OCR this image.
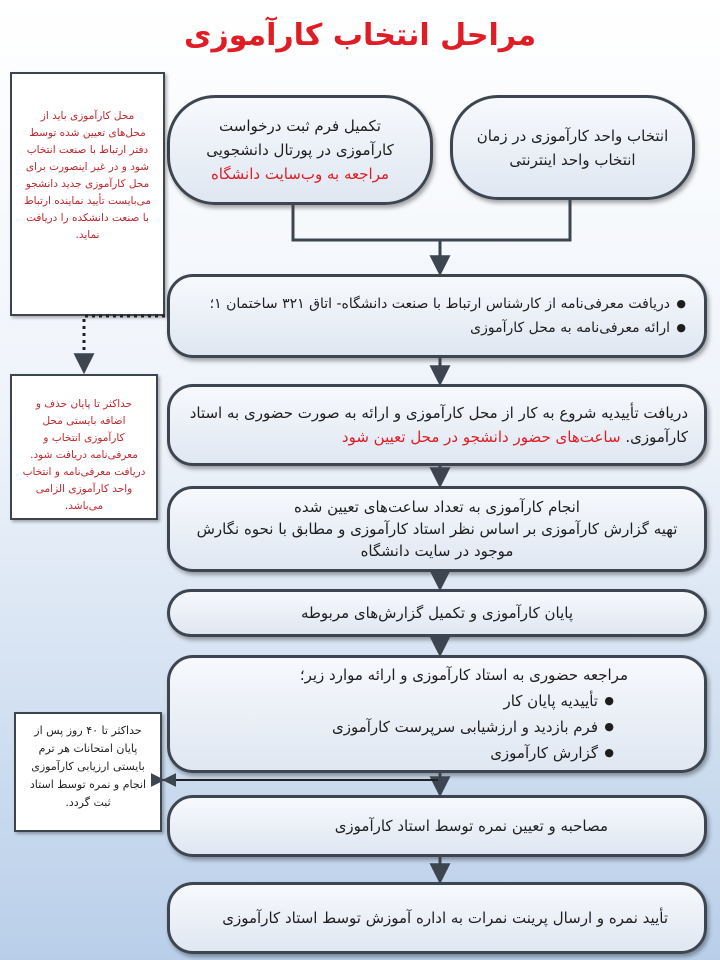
مراحل انتخاب کارآموزی
انتخاب واحد کارآموزی در زمان انتخاب واحد اینترنتی
تکمیل فرم ثبت درخواست
کارآموزی در پورتال دانشجویی
مراجعه به وب‌سایت دانشگاه
● دریافت معرفی‌نامه از کارشناس ارتباط با صنعت دانشگاه- اتاق ۳۲۱ ساختمان ۱؛
● ارائه معرفی‌نامه به محل کارآموزی
دریافت تأییدیه شروع به کار از محل کارآموزی و ارائه به صورت حضوری به استاد کارآموزی. ساعت‌های حضور دانشجو در محل تعیین شود
انجام کارآموزی به تعداد ساعت‌های تعیین شده
تهیه گزارش کارآموزی بر اساس نظر استاد کارآموزی و مطابق با نحوه نگارش موجود در سایت دانشگاه
پایان کارآموزی و تکمیل گزارش‌های مربوطه
مراجعه حضوری به استاد کارآموزی و ارائه موارد زیر؛
● تأییدیه پایان کار
● فرم بازدید و ارزشیابی سرپرست کارآموزی
● گزارش کارآموزی
مصاحبه و تعیین نمره توسط استاد کارآموزی
تأیید نمره و ارسال پرینت نمرات به اداره آموزش توسط استاد کارآموزی
محل کارآموزی باید از محل‌های تعیین شده توسط دفتر ارتباط با صنعت انتخاب شود و در غیر اینصورت برای محل کارآموزی جدید دانشجو می‌بایست تأیید نماینده ارتباط با صنعت دانشکده را دریافت نماید.
حداکثر تا پایان حذف و اضافه بایستی محل کارآموزی انتخاب و معرفی‌نامه دریافت شود. دریافت معرفی‌نامه و انتخاب واحد کارآموزی الزامی می‌باشد.
حداکثر تا ۴۰ روز پس از پایان امتحانات هر ترم بایستی ارزیابی کارآموزی انجام و نمره توسط استاد ثبت گردد.
